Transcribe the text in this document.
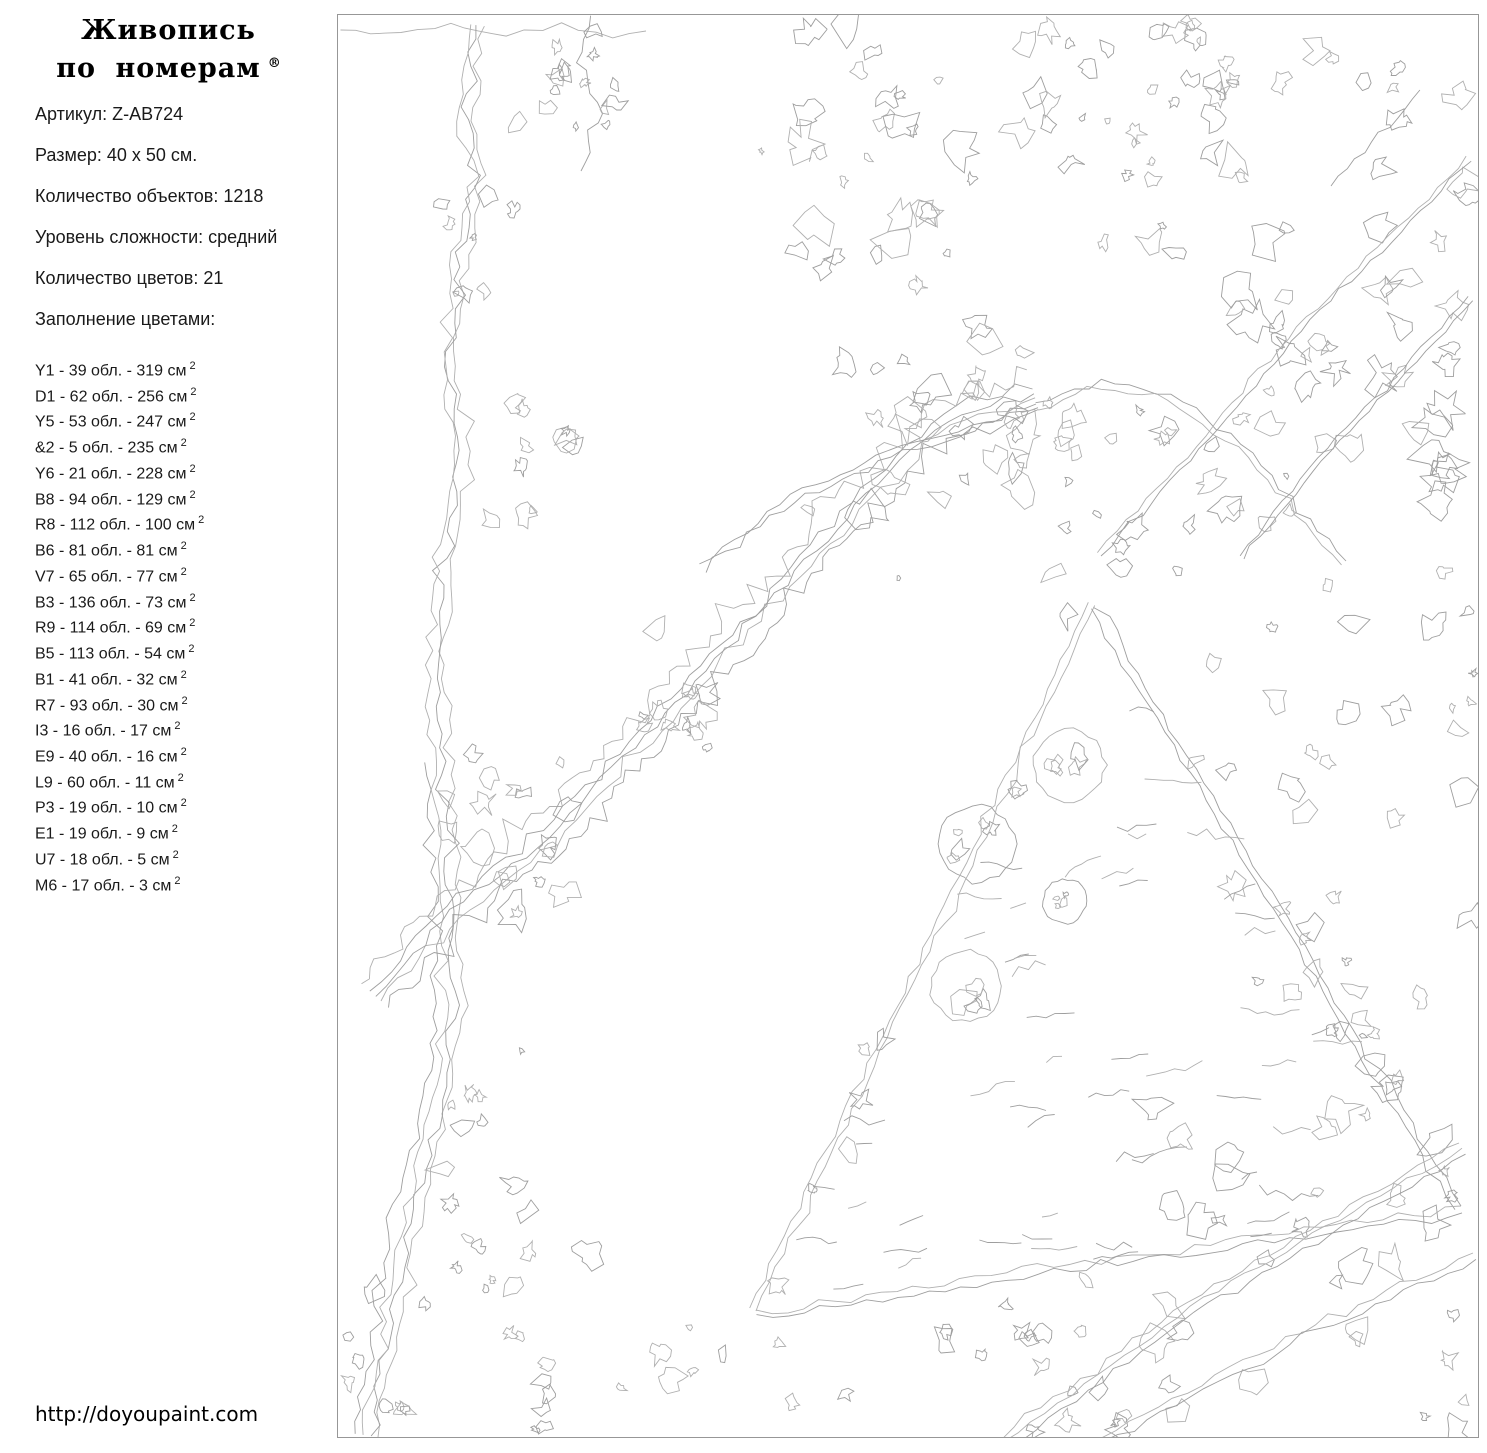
Живопись
по номерам ®
Артикул: Z-AB724
Размер: 40 х 50 см.
Количество объектов: 1218
Уровень сложности: средний
Количество цветов: 21
Заполнение цветами:
Y1 - 39 обл. - 319 см $^2$
D1 - 62 обл. - 256 см $^2$
Y5 - 53 обл. - 247 см $^2$
&2 - 5 обл. - 235 см $^2$
Y6 - 21 обл. - 228 см $^2$
B8 - 94 обл. - 129 см $^2$
R8 - 112 обл. - 100 см $^2$
B6 - 81 обл. - 81 см $^2$
V7 - 65 обл. - 77 см $^2$
B3 - 136 обл. - 73 см $^2$
R9 - 114 обл. - 69 см $^2$
B5 - 113 обл. - 54 см $^2$
B1 - 41 обл. - 32 см $^2$
R7 - 93 обл. - 30 см $^2$
I3 - 16 обл. - 17 см $^2$
E9 - 40 обл. - 16 см $^2$
L9 - 60 обл. - 11 см $^2$
P3 - 19 обл. - 10 см $^2$
E1 - 19 обл. - 9 см $^2$
U7 - 18 обл. - 5 см $^2$
M6 - 17 обл. - 3 см $^2$
http://doyoupaint.com
